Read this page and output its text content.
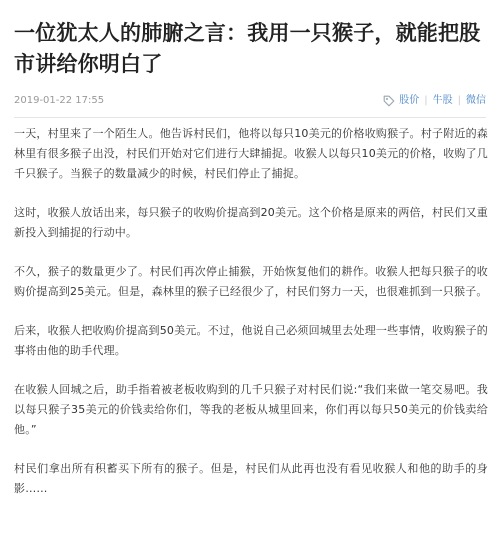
一位犹太人的肺腑之言：我用一只猴子，就能把股市讲给你明白了
2019-01-22 17:55	股价 | 牛股 | 微信

一天，村里来了一个陌生人。他告诉村民们，他将以每只10美元的价格收购猴子。村子附近的森林里有很多猴子出没，村民们开始对它们进行大肆捕捉。收猴人以每只10美元的价格，收购了几千只猴子。当猴子的数量减少的时候，村民们停止了捕捉。

这时，收猴人放话出来，每只猴子的收购价提高到20美元。这个价格是原来的两倍，村民们又重新投入到捕捉的行动中。

不久，猴子的数量更少了。村民们再次停止捕猴，开始恢复他们的耕作。收猴人把每只猴子的收购价提高到25美元。但是，森林里的猴子已经很少了，村民们努力一天，也很难抓到一只猴子。

后来，收猴人把收购价提高到50美元。不过，他说自己必须回城里去处理一些事情，收购猴子的事将由他的助手代理。

在收猴人回城之后，助手指着被老板收购到的几千只猴子对村民们说:“我们来做一笔交易吧。我以每只猴子35美元的价钱卖给你们，等我的老板从城里回来，你们再以每只50美元的价钱卖给他。”

村民们拿出所有积蓄买下所有的猴子。但是，村民们从此再也没有看见收猴人和他的助手的身影……
